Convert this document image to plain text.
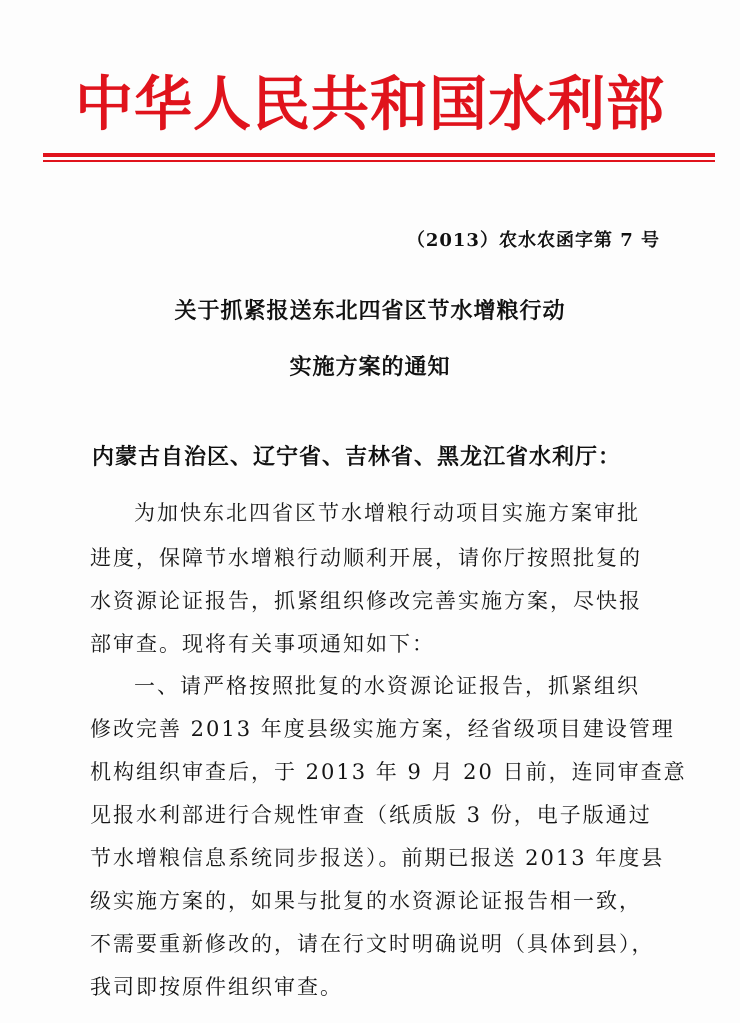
中华人民共和国水利部
（2013）农水农函字第 7 号
关于抓紧报送东北四省区节水增粮行动
实施方案的通知
内蒙古自治区、辽宁省、吉林省、黑龙江省水利厅：
为加快东北四省区节水增粮行动项目实施方案审批
进度，保障节水增粮行动顺利开展，请你厅按照批复的
水资源论证报告，抓紧组织修改完善实施方案，尽快报
部审查。现将有关事项通知如下：
一、请严格按照批复的水资源论证报告，抓紧组织
修改完善 2013 年度县级实施方案，经省级项目建设管理
机构组织审查后，于 2013 年 9 月 20 日前，连同审查意
见报水利部进行合规性审查（纸质版 3 份，电子版通过
节水增粮信息系统同步报送）。前期已报送 2013 年度县
级实施方案的，如果与批复的水资源论证报告相一致，
不需要重新修改的，请在行文时明确说明（具体到县），
我司即按原件组织审查。
